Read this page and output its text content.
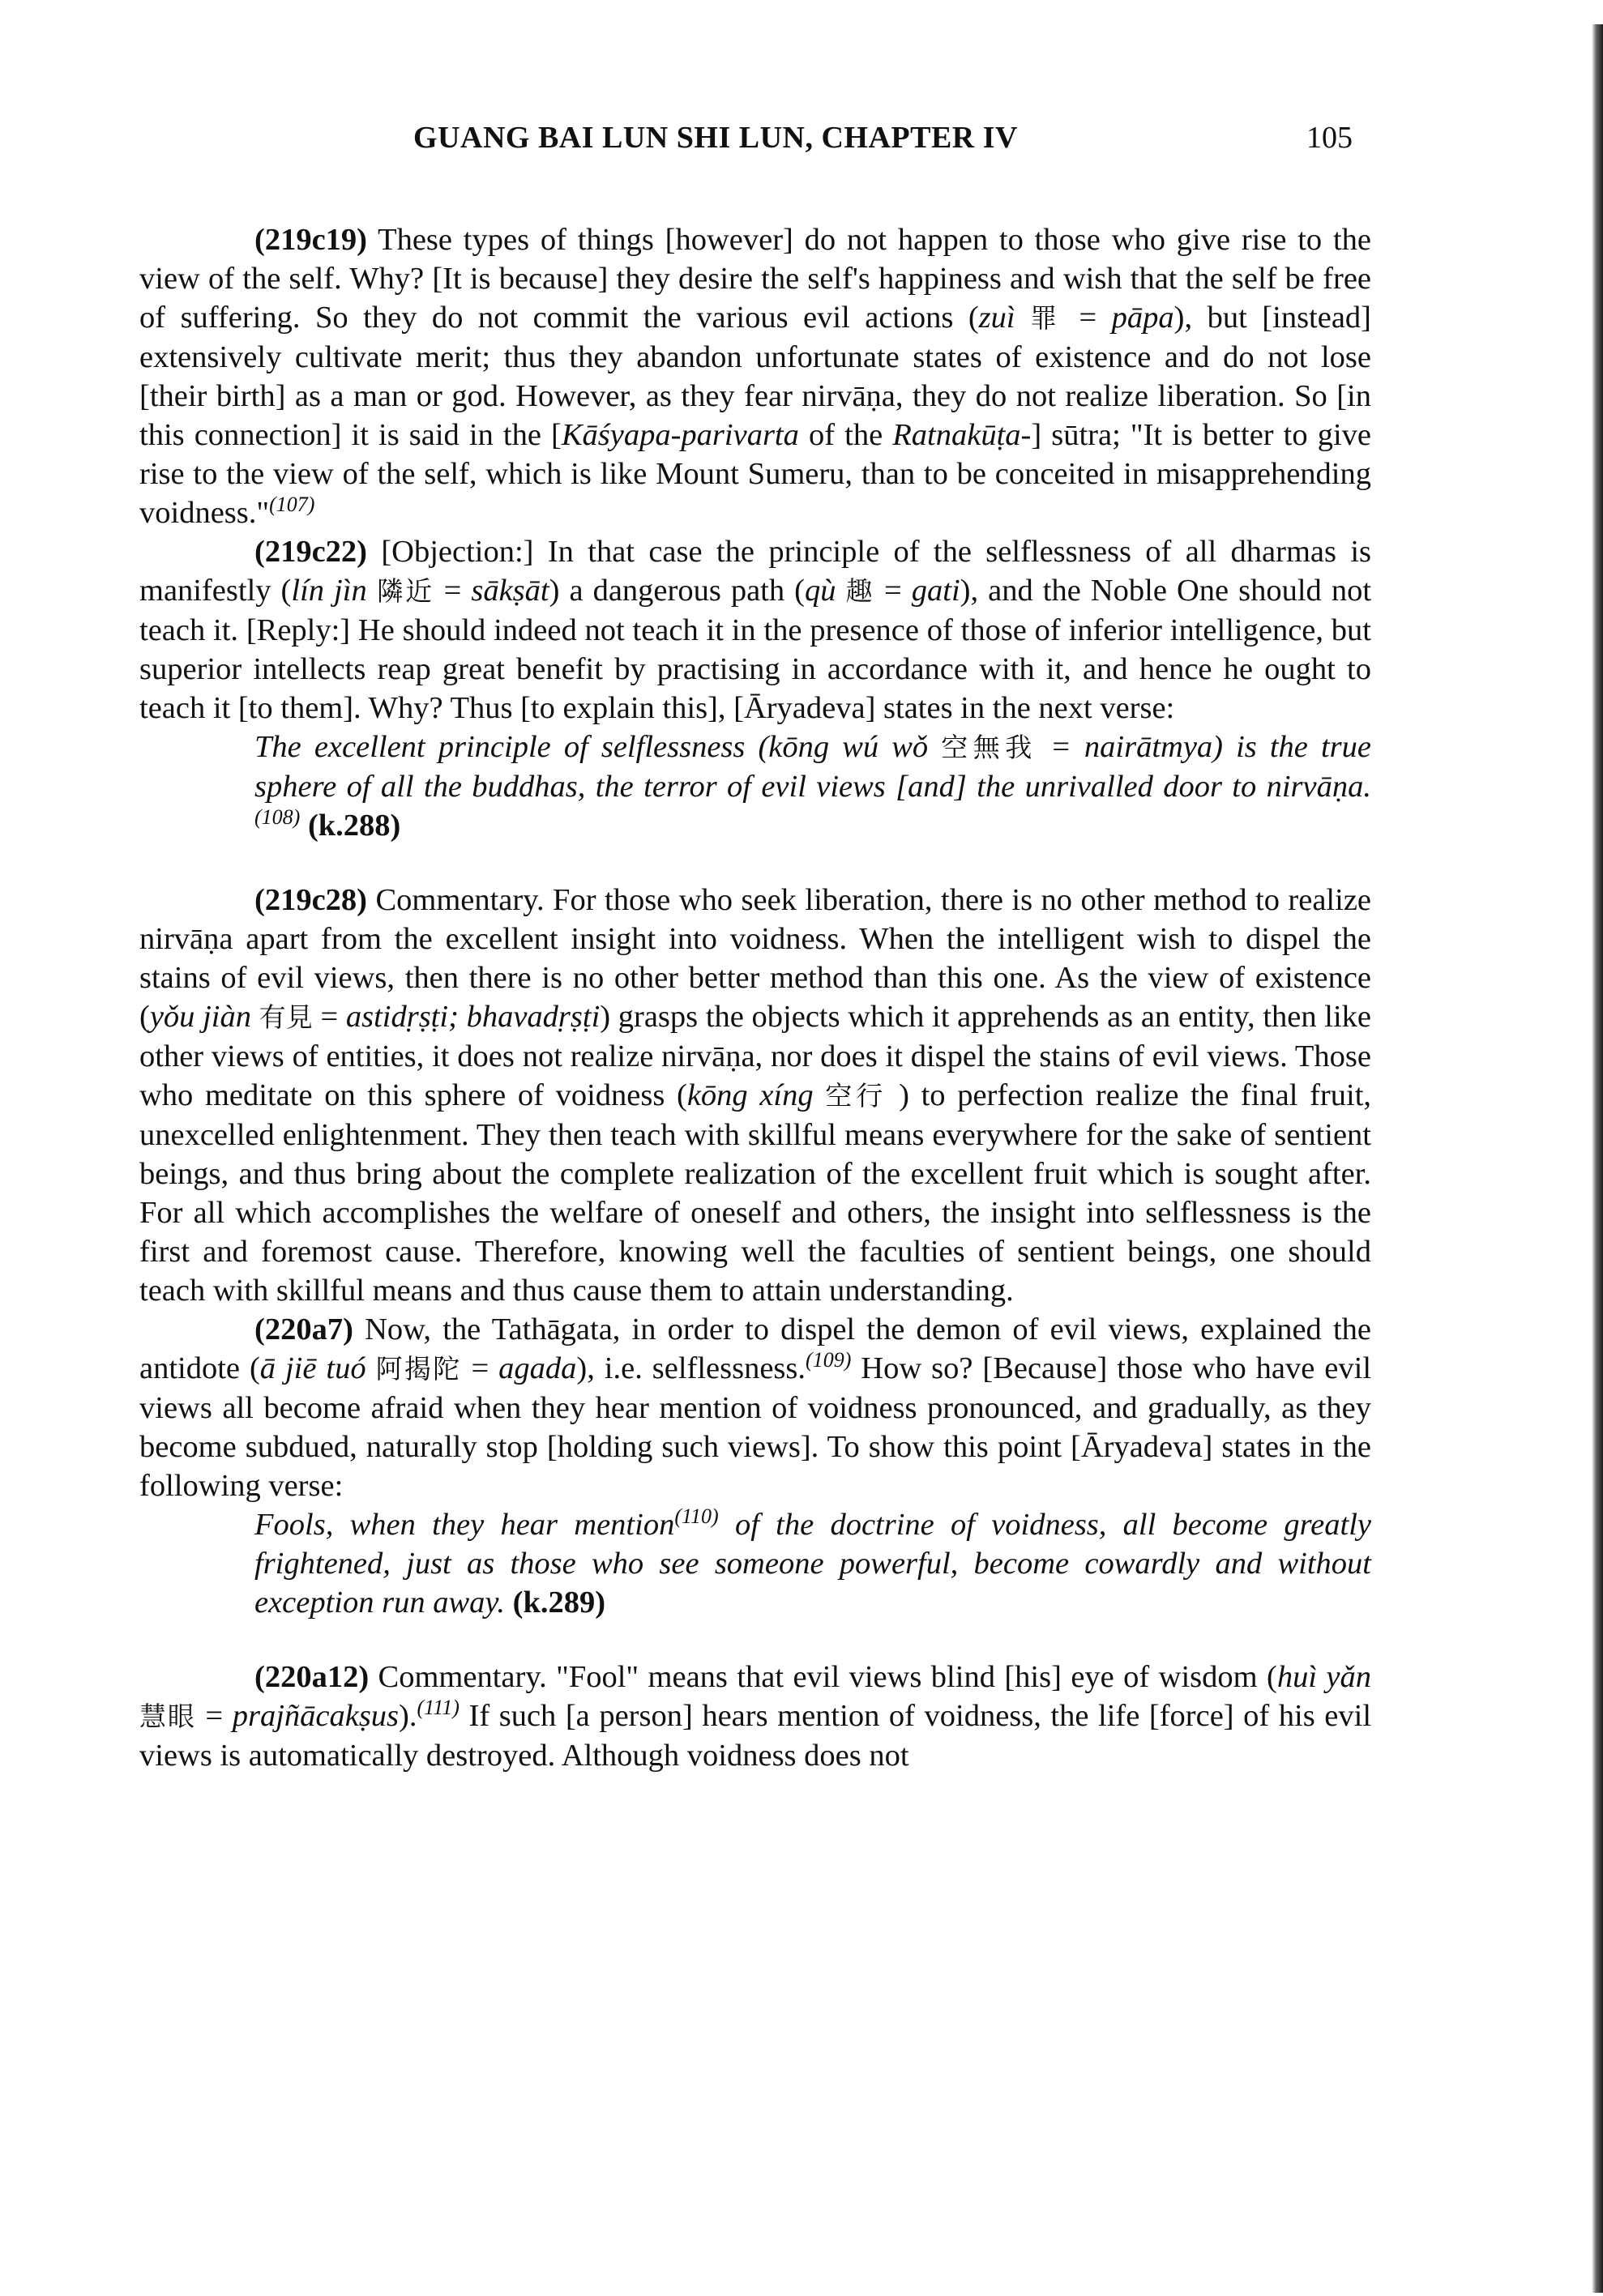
GUANG BAI LUN SHI LUN, CHAPTER IV	105

(219c19) These types of things [however] do not happen to those who give rise to the view of the self. Why? [It is because] they desire the self's happiness and wish that the self be free of suffering. So they do not commit the various evil actions (zuì 罪 = pāpa), but [instead] extensively cultivate merit; thus they abandon unfortunate states of existence and do not lose [their birth] as a man or god. However, as they fear nirvāṇa, they do not realize liberation. So [in this connection] it is said in the [Kāśyapa-parivarta of the Ratnakūṭa-] sūtra; "It is better to give rise to the view of the self, which is like Mount Sumeru, than to be conceited in misapprehending voidness."$^{(107)}$

(219c22) [Objection:] In that case the principle of the selflessness of all dharmas is manifestly (lín jìn 隣近 = sākṣāt) a dangerous path (qù 趣 = gati), and the Noble One should not teach it. [Reply:] He should indeed not teach it in the presence of those of inferior intelligence, but superior intellects reap great benefit by practising in accordance with it, and hence he ought to teach it [to them]. Why? Thus [to explain this], [Āryadeva] states in the next verse:

The excellent principle of selflessness (kōng wú wǒ 空無我 = nairātmya) is the true sphere of all the buddhas, the terror of evil views [and] the unrivalled door to nirvāṇa.$^{(108)}$ (k.288)

(219c28) Commentary. For those who seek liberation, there is no other method to realize nirvāṇa apart from the excellent insight into voidness. When the intelligent wish to dispel the stains of evil views, then there is no other better method than this one. As the view of existence (yǒu jiàn 有見 = astidṛṣṭi; bhavadṛṣṭi) grasps the objects which it apprehends as an entity, then like other views of entities, it does not realize nirvāṇa, nor does it dispel the stains of evil views. Those who meditate on this sphere of voidness (kōng xíng 空行 ) to perfection realize the final fruit, unexcelled enlightenment. They then teach with skillful means everywhere for the sake of sentient beings, and thus bring about the complete realization of the excellent fruit which is sought after. For all which accomplishes the welfare of oneself and others, the insight into selflessness is the first and foremost cause. Therefore, knowing well the faculties of sentient beings, one should teach with skillful means and thus cause them to attain understanding.

(220a7) Now, the Tathāgata, in order to dispel the demon of evil views, explained the antidote (ā jiē tuó 阿揭陀 = agada), i.e. selflessness.$^{(109)}$ How so? [Because] those who have evil views all become afraid when they hear mention of voidness pronounced, and gradually, as they become subdued, naturally stop [holding such views]. To show this point [Āryadeva] states in the following verse:

Fools, when they hear mention$^{(110)}$ of the doctrine of voidness, all become greatly frightened, just as those who see someone powerful, become cowardly and without exception run away. (k.289)

(220a12) Commentary. "Fool" means that evil views blind [his] eye of wisdom (huì yǎn 慧眼 = prajñācakṣus).$^{(111)}$ If such [a person] hears mention of voidness, the life [force] of his evil views is automatically destroyed. Although voidness does not
